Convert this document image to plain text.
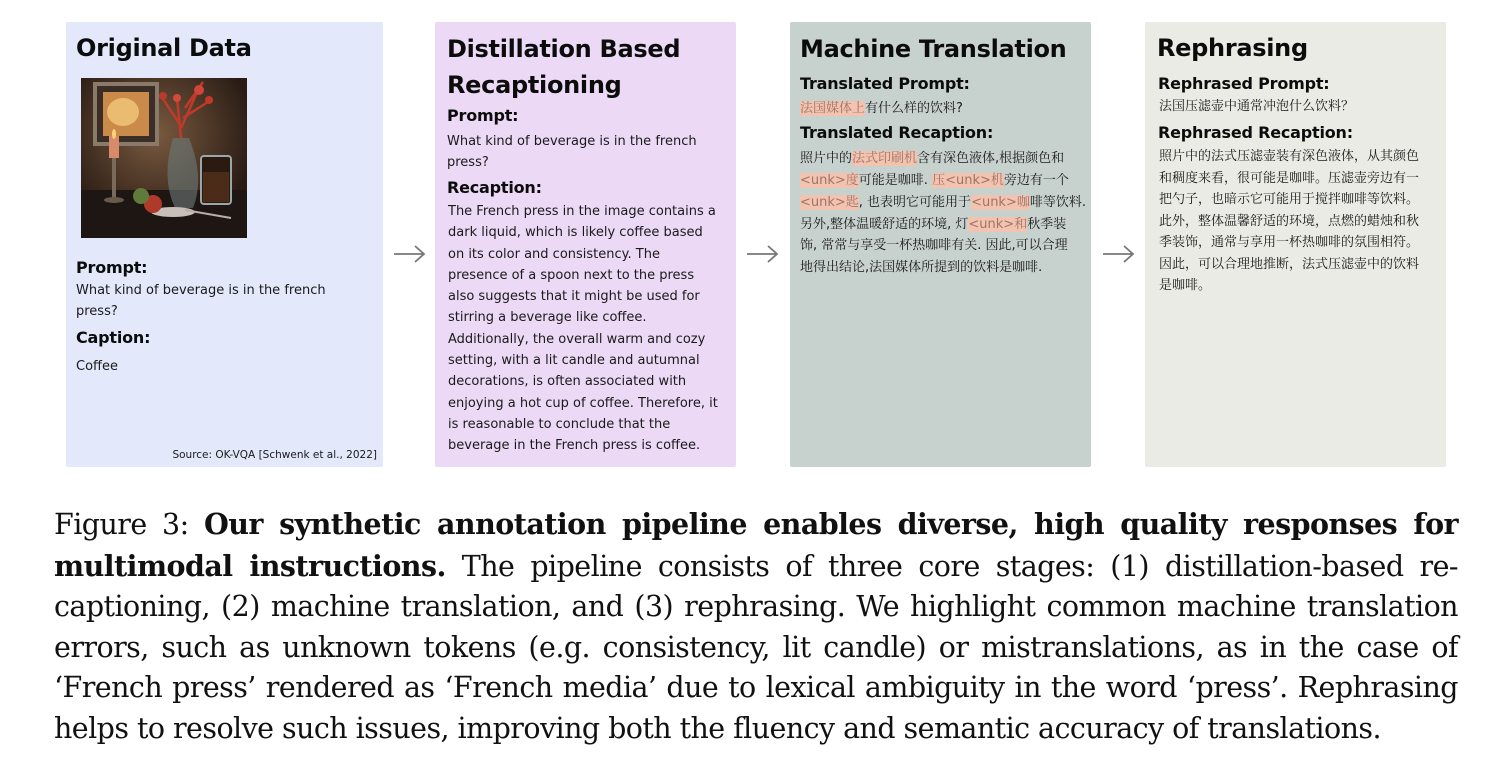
Original Data
Prompt:
What kind of beverage is in the french press?
Caption:
Coffee
Source: OK-VQA [Schwenk et al., 2022]
Distillation Based
Recaptioning
Prompt:
What kind of beverage is in the french press?
Recaption:
The French press in the image contains a dark liquid, which is likely coffee based on its color and consistency. The presence of a spoon next to the press also suggests that it might be used for stirring a beverage like coffee. Additionally, the overall warm and cozy setting, with a lit candle and autumnal decorations, is often associated with enjoying a hot cup of coffee. Therefore, it is reasonable to conclude that the beverage in the French press is coffee.
Machine Translation
Translated Prompt:
法国媒体上有什么样的饮料?
Translated Recaption:
照片中的法式印刷机含有深色液体,根据颜色和
<unk>度可能是咖啡. 压<unk>机旁边有一个
<unk>匙, 也表明它可能用于<unk>咖啡等饮料.
另外,整体温暖舒适的环境, 灯<unk>和秋季装
饰, 常常与享受一杯热咖啡有关. 因此,可以合理
地得出结论,法国媒体所提到的饮料是咖啡.
Rephrasing
Rephrased Prompt:
法国压滤壶中通常冲泡什么饮料？
Rephrased Recaption:
照片中的法式压滤壶装有深色液体，从其颜色
和稠度来看，很可能是咖啡。压滤壶旁边有一
把勺子，也暗示它可能用于搅拌咖啡等饮料。
此外，整体温馨舒适的环境，点燃的蜡烛和秋
季装饰，通常与享用一杯热咖啡的氛围相符。
因此，可以合理地推断，法式压滤壶中的饮料
是咖啡。
Figure 3: Our synthetic annotation pipeline enables diverse, high quality responses for multimodal instructions. The pipeline consists of three core stages: (1) distillation-based re-captioning, (2) machine translation, and (3) rephrasing. We highlight common machine translation errors, such as unknown tokens (e.g. consistency, lit candle) or mistranslations, as in the case of ‘French press’ rendered as ‘French media’ due to lexical ambiguity in the word ‘press’. Rephrasing helps to resolve such issues, improving both the fluency and semantic accuracy of translations.
